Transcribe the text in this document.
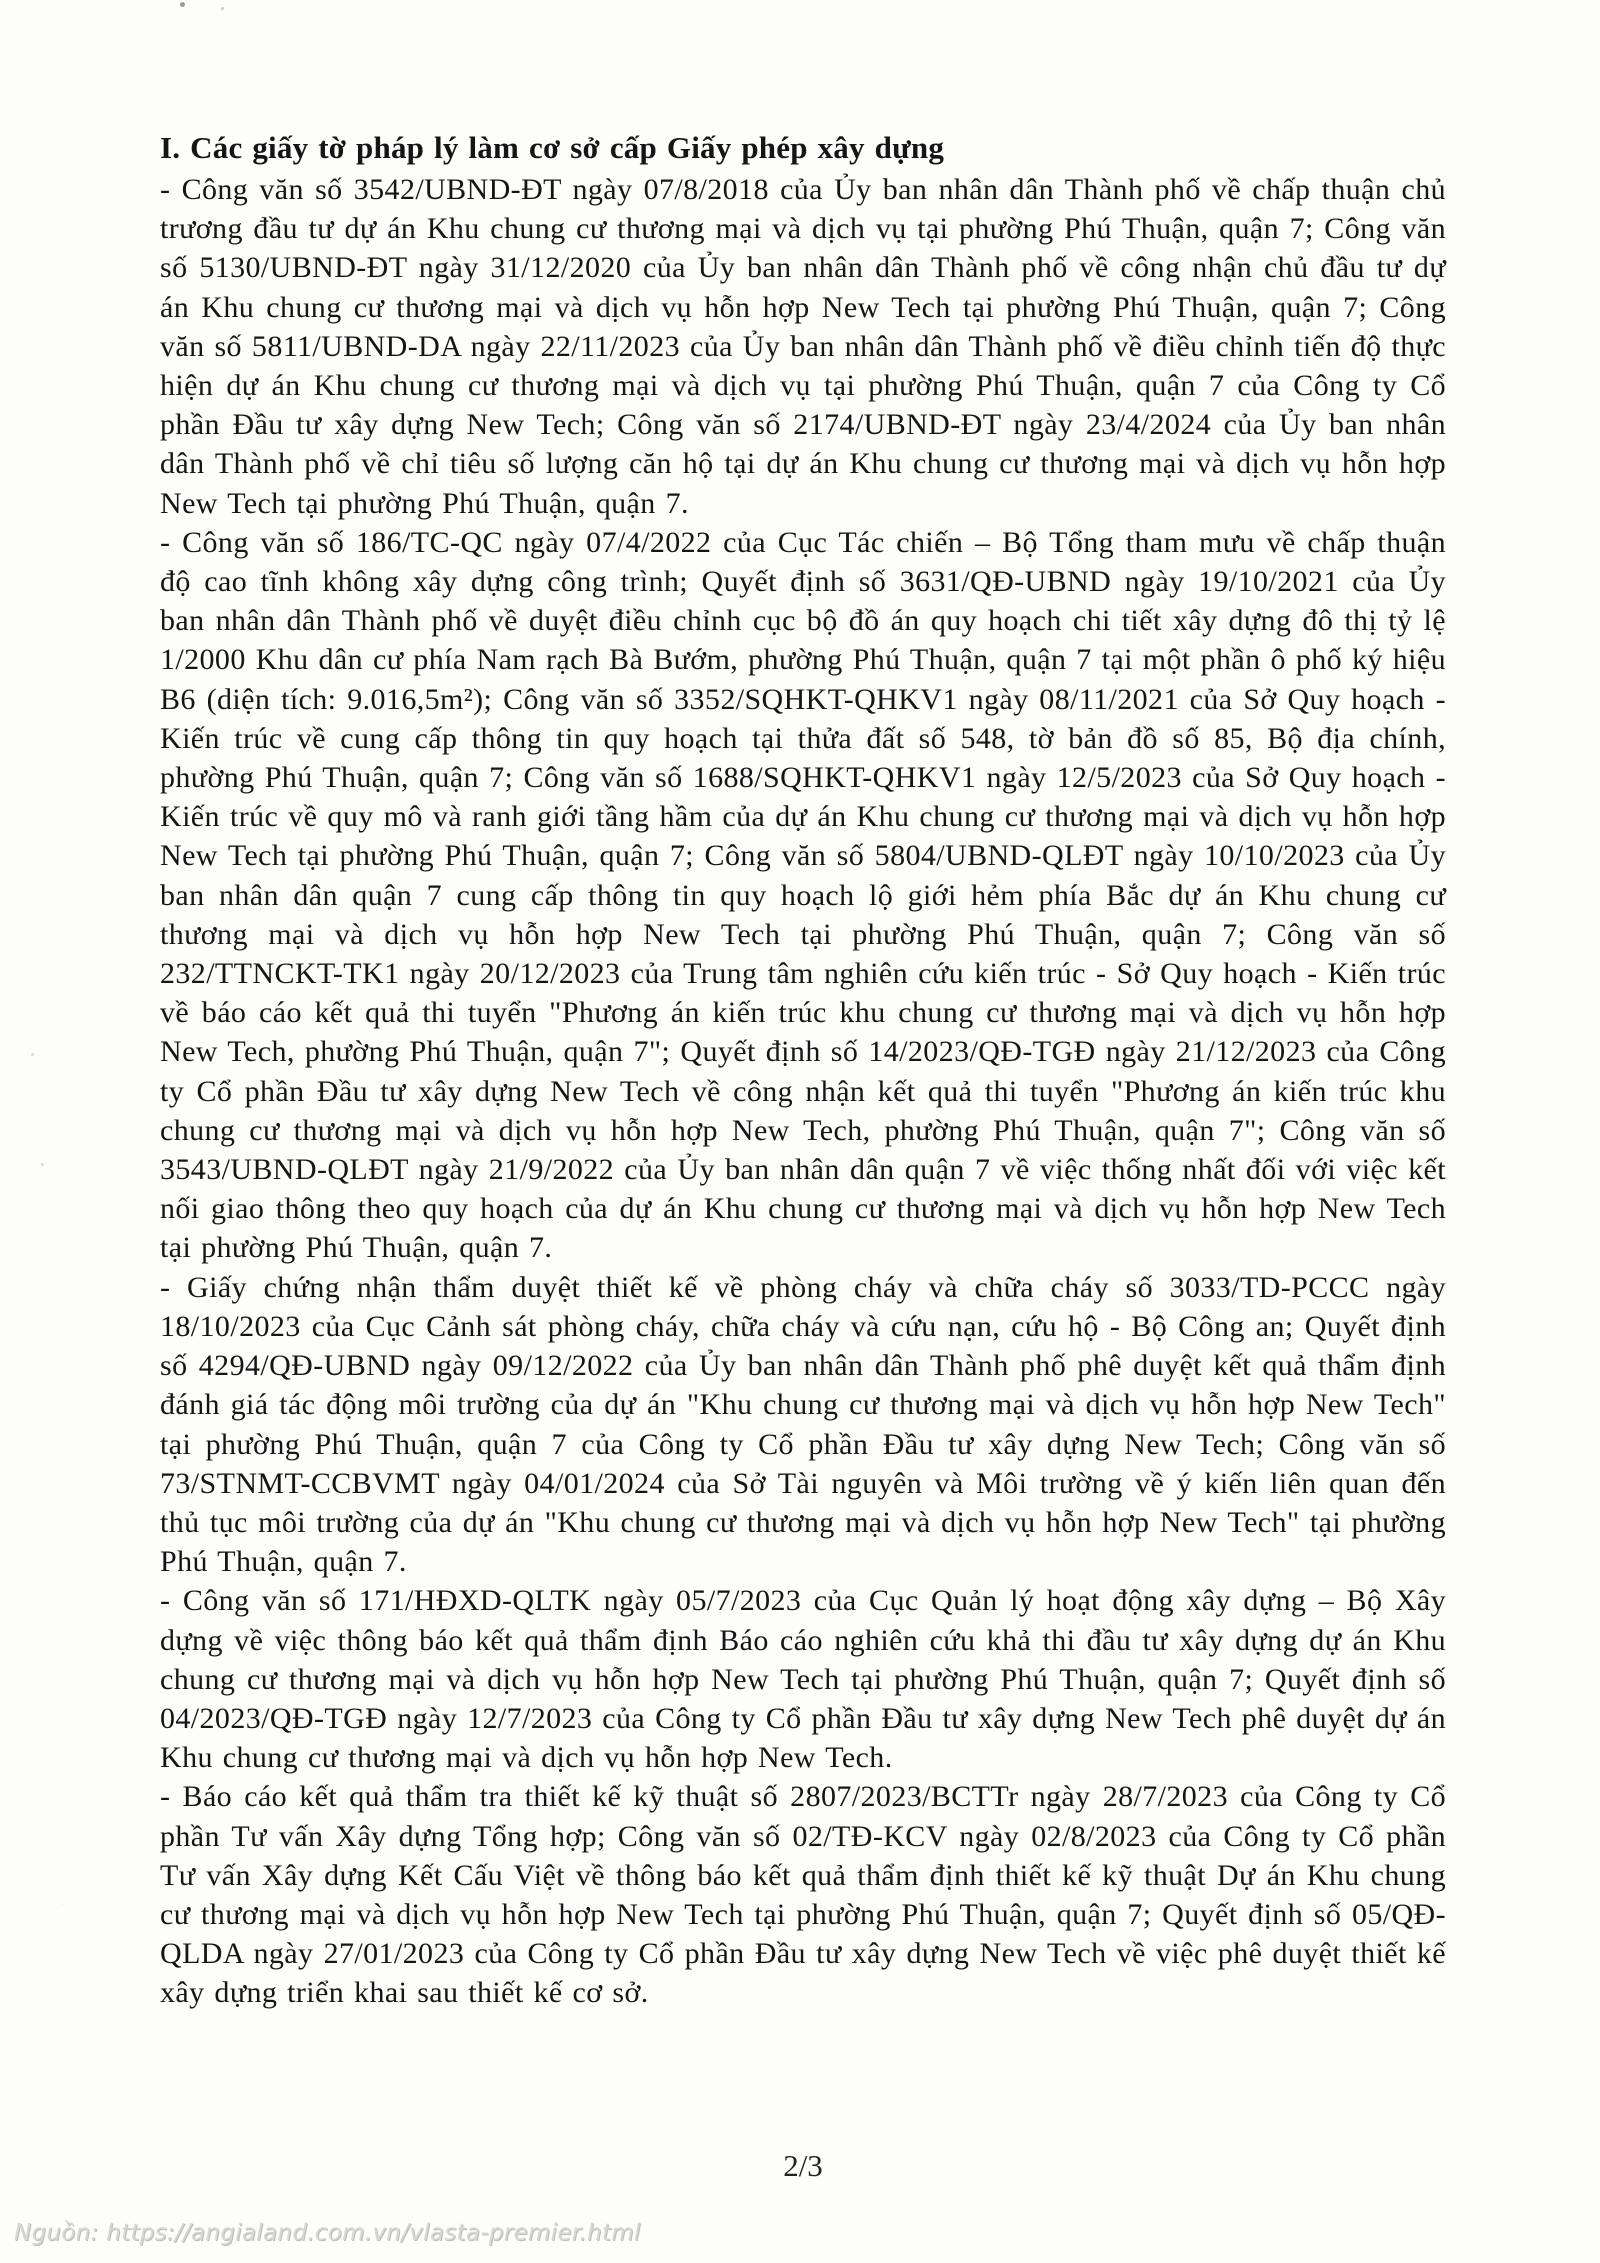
I. Các giấy tờ pháp lý làm cơ sở cấp Giấy phép xây dựng

- Công văn số 3542/UBND-ĐT ngày 07/8/2018 của Ủy ban nhân dân Thành phố về chấp thuận chủ trương đầu tư dự án Khu chung cư thương mại và dịch vụ tại phường Phú Thuận, quận 7; Công văn số 5130/UBND-ĐT ngày 31/12/2020 của Ủy ban nhân dân Thành phố về công nhận chủ đầu tư dự án Khu chung cư thương mại và dịch vụ hỗn hợp New Tech tại phường Phú Thuận, quận 7; Công văn số 5811/UBND-DA ngày 22/11/2023 của Ủy ban nhân dân Thành phố về điều chỉnh tiến độ thực hiện dự án Khu chung cư thương mại và dịch vụ tại phường Phú Thuận, quận 7 của Công ty Cổ phần Đầu tư xây dựng New Tech; Công văn số 2174/UBND-ĐT ngày 23/4/2024 của Ủy ban nhân dân Thành phố về chỉ tiêu số lượng căn hộ tại dự án Khu chung cư thương mại và dịch vụ hỗn hợp New Tech tại phường Phú Thuận, quận 7.

- Công văn số 186/TC-QC ngày 07/4/2022 của Cục Tác chiến – Bộ Tổng tham mưu về chấp thuận độ cao tĩnh không xây dựng công trình; Quyết định số 3631/QĐ-UBND ngày 19/10/2021 của Ủy ban nhân dân Thành phố về duyệt điều chỉnh cục bộ đồ án quy hoạch chi tiết xây dựng đô thị tỷ lệ 1/2000 Khu dân cư phía Nam rạch Bà Bướm, phường Phú Thuận, quận 7 tại một phần ô phố ký hiệu B6 (diện tích: 9.016,5m²); Công văn số 3352/SQHKT-QHKV1 ngày 08/11/2021 của Sở Quy hoạch - Kiến trúc về cung cấp thông tin quy hoạch tại thửa đất số 548, tờ bản đồ số 85, Bộ địa chính, phường Phú Thuận, quận 7; Công văn số 1688/SQHKT-QHKV1 ngày 12/5/2023 của Sở Quy hoạch - Kiến trúc về quy mô và ranh giới tầng hầm của dự án Khu chung cư thương mại và dịch vụ hỗn hợp New Tech tại phường Phú Thuận, quận 7; Công văn số 5804/UBND-QLĐT ngày 10/10/2023 của Ủy ban nhân dân quận 7 cung cấp thông tin quy hoạch lộ giới hẻm phía Bắc dự án Khu chung cư thương mại và dịch vụ hỗn hợp New Tech tại phường Phú Thuận, quận 7; Công văn số 232/TTNCKT-TK1 ngày 20/12/2023 của Trung tâm nghiên cứu kiến trúc - Sở Quy hoạch - Kiến trúc về báo cáo kết quả thi tuyển "Phương án kiến trúc khu chung cư thương mại và dịch vụ hỗn hợp New Tech, phường Phú Thuận, quận 7"; Quyết định số 14/2023/QĐ-TGĐ ngày 21/12/2023 của Công ty Cổ phần Đầu tư xây dựng New Tech về công nhận kết quả thi tuyển "Phương án kiến trúc khu chung cư thương mại và dịch vụ hỗn hợp New Tech, phường Phú Thuận, quận 7"; Công văn số 3543/UBND-QLĐT ngày 21/9/2022 của Ủy ban nhân dân quận 7 về việc thống nhất đối với việc kết nối giao thông theo quy hoạch của dự án Khu chung cư thương mại và dịch vụ hỗn hợp New Tech tại phường Phú Thuận, quận 7.

- Giấy chứng nhận thẩm duyệt thiết kế về phòng cháy và chữa cháy số 3033/TD-PCCC ngày 18/10/2023 của Cục Cảnh sát phòng cháy, chữa cháy và cứu nạn, cứu hộ - Bộ Công an; Quyết định số 4294/QĐ-UBND ngày 09/12/2022 của Ủy ban nhân dân Thành phố phê duyệt kết quả thẩm định đánh giá tác động môi trường của dự án "Khu chung cư thương mại và dịch vụ hỗn hợp New Tech" tại phường Phú Thuận, quận 7 của Công ty Cổ phần Đầu tư xây dựng New Tech; Công văn số 73/STNMT-CCBVMT ngày 04/01/2024 của Sở Tài nguyên và Môi trường về ý kiến liên quan đến thủ tục môi trường của dự án "Khu chung cư thương mại và dịch vụ hỗn hợp New Tech" tại phường Phú Thuận, quận 7.

- Công văn số 171/HĐXD-QLTK ngày 05/7/2023 của Cục Quản lý hoạt động xây dựng – Bộ Xây dựng về việc thông báo kết quả thẩm định Báo cáo nghiên cứu khả thi đầu tư xây dựng dự án Khu chung cư thương mại và dịch vụ hỗn hợp New Tech tại phường Phú Thuận, quận 7; Quyết định số 04/2023/QĐ-TGĐ ngày 12/7/2023 của Công ty Cổ phần Đầu tư xây dựng New Tech phê duyệt dự án Khu chung cư thương mại và dịch vụ hỗn hợp New Tech.

- Báo cáo kết quả thẩm tra thiết kế kỹ thuật số 2807/2023/BCTTr ngày 28/7/2023 của Công ty Cổ phần Tư vấn Xây dựng Tổng hợp; Công văn số 02/TĐ-KCV ngày 02/8/2023 của Công ty Cổ phần Tư vấn Xây dựng Kết Cấu Việt về thông báo kết quả thẩm định thiết kế kỹ thuật Dự án Khu chung cư thương mại và dịch vụ hỗn hợp New Tech tại phường Phú Thuận, quận 7; Quyết định số 05/QĐ-QLDA ngày 27/01/2023 của Công ty Cổ phần Đầu tư xây dựng New Tech về việc phê duyệt thiết kế xây dựng triển khai sau thiết kế cơ sở.

2/3
Nguồn: https://angialand.com.vn/vlasta-premier.html
